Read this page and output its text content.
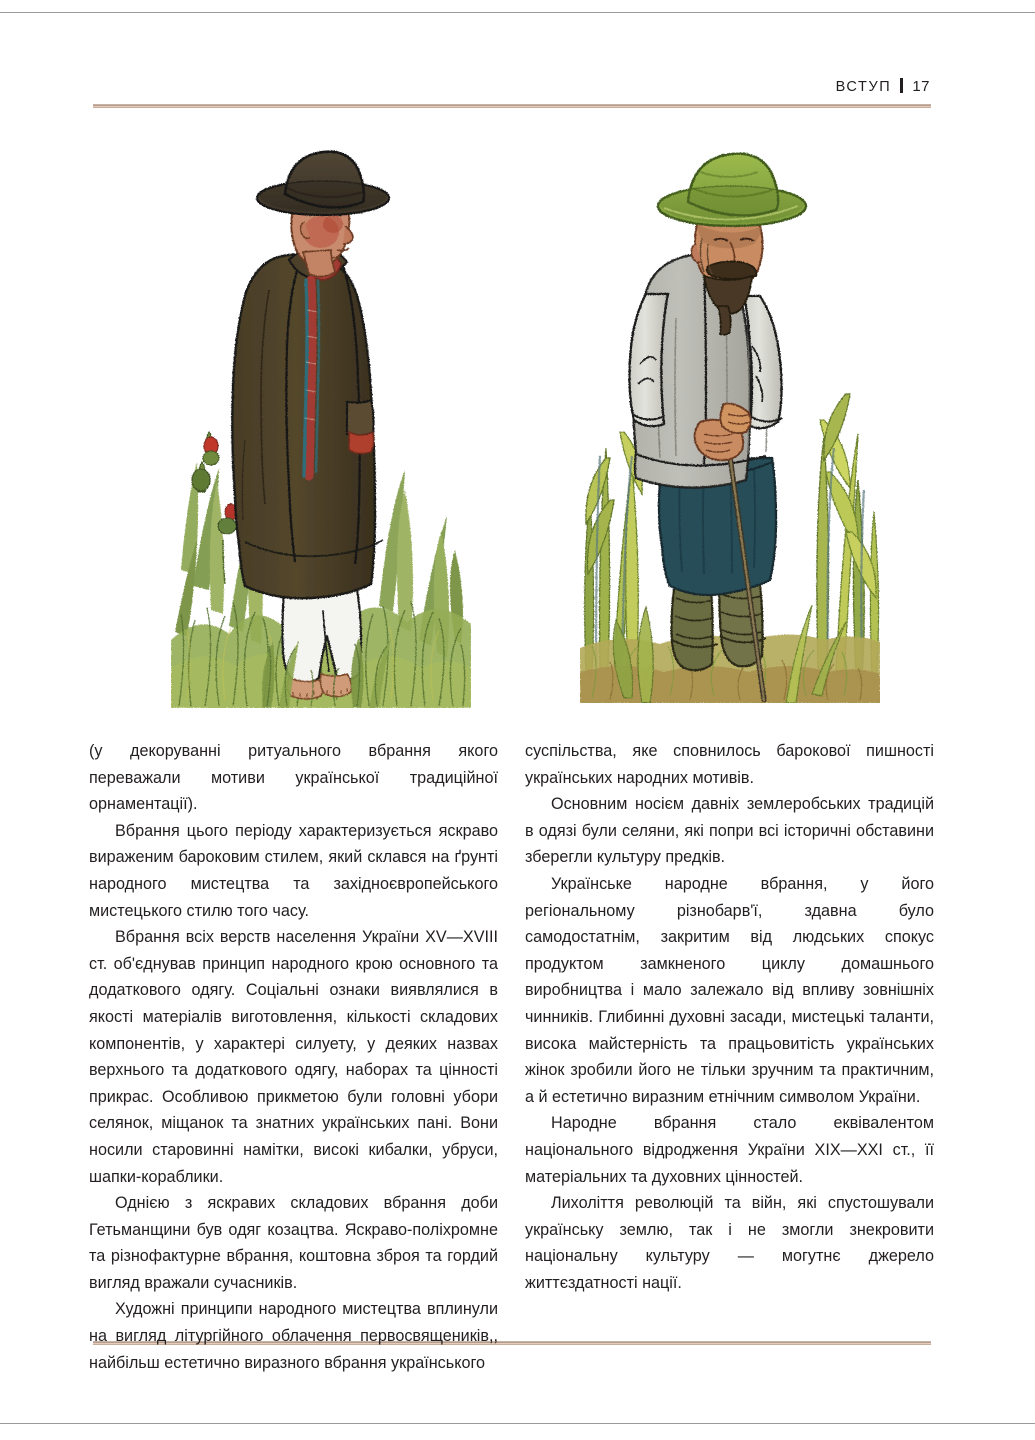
ВСТУП 17

(у декоруванні ритуального вбрання якого переважали мотиви української традиційної орнаментації).

Вбрання цього періоду характеризується яскраво вираженим бароковим стилем, який склався на ґрунті народного мистецтва та західноєвропейського мистецького стилю того часу.

Вбрання всіх верств населення України XV—XVIII ст. об'єднував принцип народного крою основного та додаткового одягу. Соціальні ознаки виявлялися в якості матеріалів виготовлення, кількості складових компонентів, у характері силуету, у деяких назвах верхнього та додаткового одягу, наборах та цінності прикрас. Особливою прикметою були головні убори селянок, міщанок та знатних українських пані. Вони носили старовинні намітки, високі кибалки, убруси, шапки-кораблики.

Однією з яскравих складових вбрання доби Гетьманщини був одяг козацтва. Яскраво-поліхромне та різнофактурне вбрання, коштовна зброя та гордий вигляд вражали сучасників.

Художні принципи народного мистецтва вплинули на вигляд літургійного облачення первосвящеників,, найбільш естетично виразного вбрання українського

суспільства, яке сповнилось барокової пишності українських народних мотивів.

Основним носієм давніх землеробських традицій в одязі були селяни, які попри всі історичні обставини зберегли культуру предків.

Українське народне вбрання, у його регіональному різнобарв'ї, здавна було самодостатнім, закритим від людських спокус продуктом замкненого циклу домашнього виробництва і мало залежало від впливу зовнішніх чинників. Глибинні духовні засади, мистецькі таланти, висока майстерність та працьовитість українських жінок зробили його не тільки зручним та практичним, а й естетично виразним етнічним символом України.

Народне вбрання стало еквівалентом національного відродження України XIX—XXI ст., її матеріальних та духовних цінностей.

Лихоліття революцій та війн, які спустошували українську землю, так і не змогли знекровити національну культуру — могутнє джерело життєздатності нації.
